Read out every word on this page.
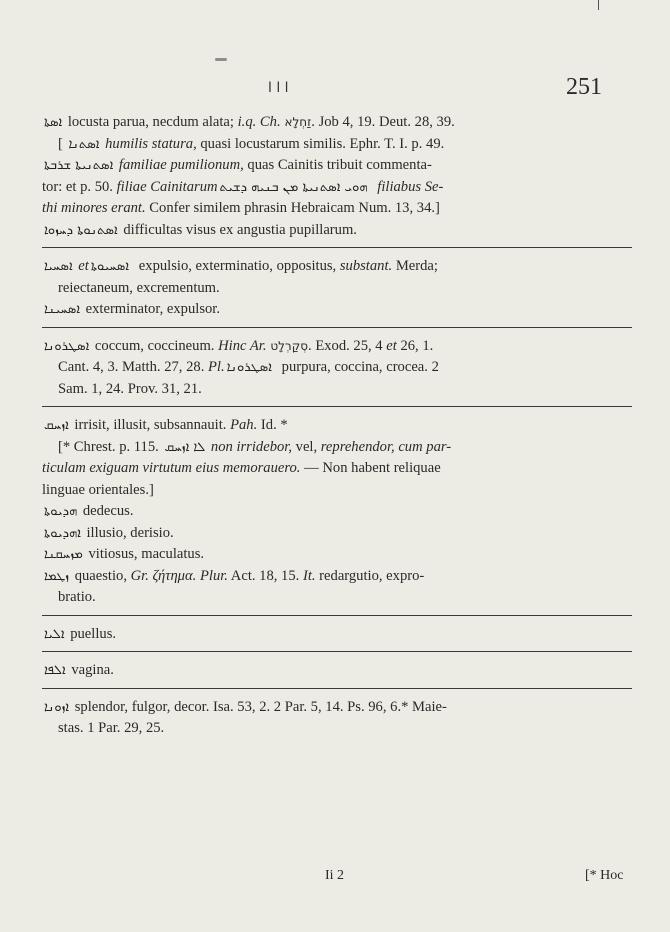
ا ا ا	251

ܐܣܬܐ locusta parua, necdum alata; i.q. Ch. זַחְלָא. Job 4, 19. Deut. 28, 39.

[ ܐܣܬܢܐ humilis statura, quasi locustarum similis. Ephr. T. I. p. 49.

ܐܣܬܢܝܬܐ ܫܪܒܬܐ familiae pumilionum, quas Cainitis tribuit commenta-

tor: et p. 50. filiae Cainitarum ܗܘܝ ܐܣܬܢܝܬܐ ܡܢ ܒܢܝܗ ܕܫܝܬ filiabus Se-

thi minores erant. Confer similem phrasin Hebraicam Num. 13, 34.]

ܐܣܬܢܘܬܐ ܕܚܙܘܐ difficultas visus ex angustia pupillarum.

ܐܣܚܝܐ et ܐܣܚܝܘܬܐ expulsio, exterminatio, oppositus, substant. Merda;

reiectaneum, excrementum.

ܐܣܚܝܢܐ exterminator, expulsor.

ܐܣܛܪܘܢܐ coccum, coccineum. Hinc Ar. סְקַרְלָט. Exod. 25, 4 et 26, 1.

Cant. 4, 3. Matth. 27, 28. Pl. ܐܣܛܪܘܢܐ purpura, coccina, crocea. 2

Sam. 1, 24. Prov. 31, 21.

ܐܙܚܩ irrisit, illusit, subsannauit. Pah. Id. *

[* Chrest. p. 115. ܠܐ ܐܙܚܩ non irridebor, vel, reprehendor, cum par-

ticulam exiguam virtutum eius memorauero. — Non habent reliquae

linguae orientales.]

ܗܕܝܘܬܐ dedecus.

ܐܗܕܝܘܬܐ illusio, derisio.

ܡܙܚܩܢܐ vitiosus, maculatus.

ܙܛܡܐ quaestio, Gr. ζήτημα. Plur. Act. 18, 15. It. redargutio, expro-

bratio.

ܐܠܝܐ puellus.

ܐܠܦܐ vagina.

ܐܙܘܢܐ splendor, fulgor, decor. Isa. 53, 2. 2 Par. 5, 14. Ps. 96, 6.* Maie-

stas. 1 Par. 29, 25.

Ii 2	[* Hoc
